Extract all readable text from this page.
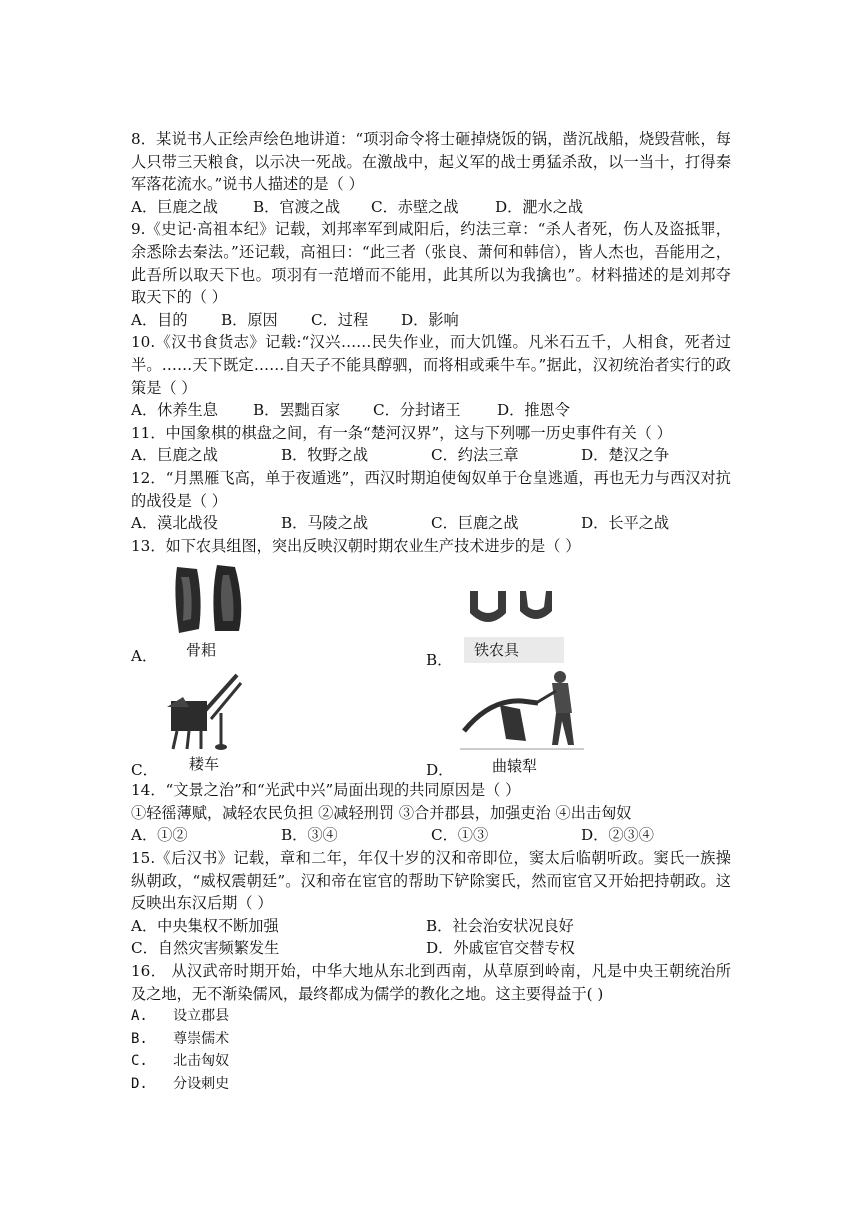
8．某说书人正绘声绘色地讲道：“项羽命令将士砸掉烧饭的锅，凿沉战船，烧毁营帐，每人只带三天粮食，以示决一死战。在激战中，起义军的战士勇猛杀敌，以一当十，打得秦军落花流水。”说书人描述的是（ ）

A．巨鹿之战	B．官渡之战	C．赤壁之战	D．淝水之战

9.《史记·高祖本纪》记载，刘邦率军到咸阳后，约法三章：“杀人者死，伤人及盗抵罪，余悉除去秦法。”还记载，高祖曰：“此三者（张良、萧何和韩信），皆人杰也，吾能用之，此吾所以取天下也。项羽有一范增而不能用，此其所以为我擒也”。材料描述的是刘邦夺取天下的（ ）

A．目的	B．原因	C．过程	D．影响

10.《汉书食货志》记载:“汉兴……民失作业，而大饥馑。凡米石五千，人相食，死者过半。……天下既定……自天子不能具醇驷，而将相或乘牛车。”据此，汉初统治者实行的政策是（ ）

A．休养生息	B．罢黜百家	C．分封诸王	D．推恩令

11．中国象棋的棋盘之间，有一条“楚河汉界”，这与下列哪一历史事件有关（ ）

A．巨鹿之战	B．牧野之战	C．约法三章	D．楚汉之争

12．“月黑雁飞高，单于夜遁逃”，西汉时期迫使匈奴单于仓皇逃遁，再也无力与西汉对抗的战役是（ ）

A．漠北战役	B．马陵之战	C．巨鹿之战	D．长平之战

13．如下农具组图，突出反映汉朝时期农业生产技术进步的是（ ）

A． 骨耜
B．
铁农具
C． 耧车	D．	曲辕犁

14．“文景之治”和“光武中兴”局面出现的共同原因是（ ）

①轻徭薄赋，减轻农民负担 ②减轻刑罚 ③合并郡县，加强吏治 ④出击匈奴

A．①②	B．③④	C．①③	D．②③④

15.《后汉书》记载，章和二年，年仅十岁的汉和帝即位，窦太后临朝听政。窦氏一族操纵朝政，“威权震朝廷”。汉和帝在宦官的帮助下铲除窦氏，然而宦官又开始把持朝政。这反映出东汉后期（ ）

A．中央集权不断加强	B．社会治安状况良好
C．自然灾害频繁发生	D．外戚宦官交替专权

16． 从汉武帝时期开始，中华大地从东北到西南，从草原到岭南，凡是中央王朝统治所及之地，无不渐染儒风，最终都成为儒学的教化之地。这主要得益于( )

A.   设立郡县
B.   尊崇儒术
C.   北击匈奴
D.   分设刺史
